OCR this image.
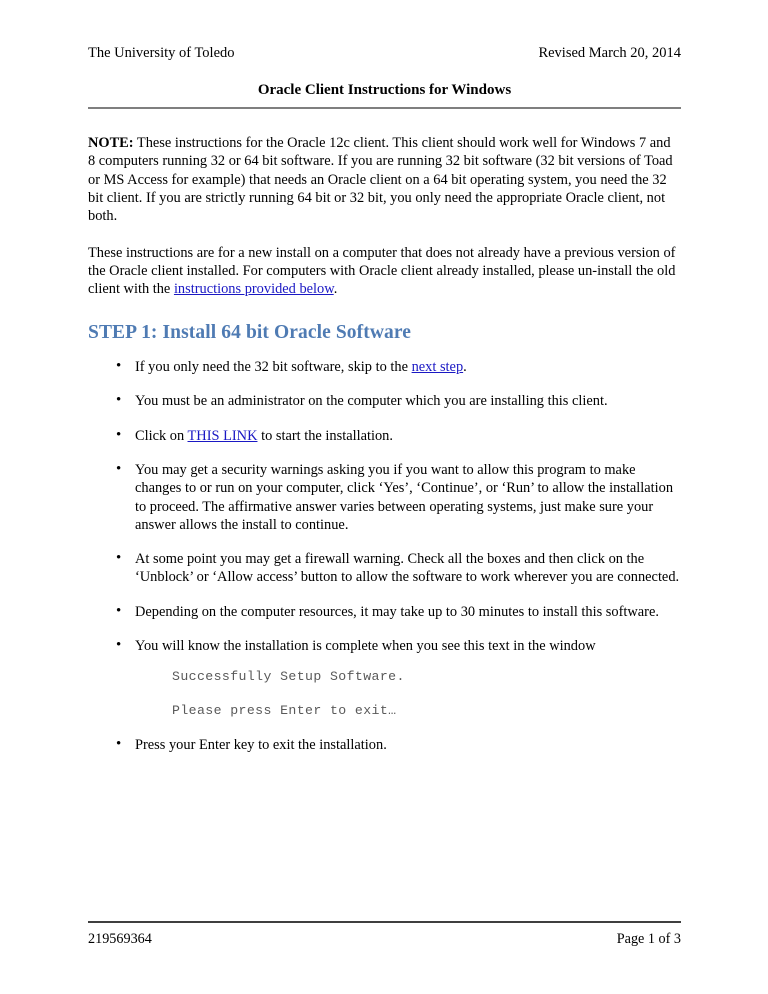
The University of Toledo	Revised March 20, 2014
Oracle Client Instructions for Windows

NOTE: These instructions for the Oracle 12c client. This client should work well for Windows 7 and 8 computers running 32 or 64 bit software. If you are running 32 bit software (32 bit versions of Toad or MS Access for example) that needs an Oracle client on a 64 bit operating system, you need the 32 bit client. If you are strictly running 64 bit or 32 bit, you only need the appropriate Oracle client, not both.

These instructions are for a new install on a computer that does not already have a previous version of the Oracle client installed. For computers with Oracle client already installed, please un-install the old client with the instructions provided below.

STEP 1: Install 64 bit Oracle Software
• If you only need the 32 bit software, skip to the next step.
• You must be an administrator on the computer which you are installing this client.
• Click on THIS LINK to start the installation.
• You may get a security warnings asking you if you want to allow this program to make changes to or run on your computer, click ‘Yes’, ‘Continue’, or ‘Run’ to allow the installation to proceed. The affirmative answer varies between operating systems, just make sure your answer allows the install to continue.
• At some point you may get a firewall warning. Check all the boxes and then click on the ‘Unblock’ or ‘Allow access’ button to allow the software to work wherever you are connected.
• Depending on the computer resources, it may take up to 30 minutes to install this software.
• You will know the installation is complete when you see this text in the window
Successfully Setup Software.
Please press Enter to exit…
• Press your Enter key to exit the installation.
219569364	Page 1 of 3
